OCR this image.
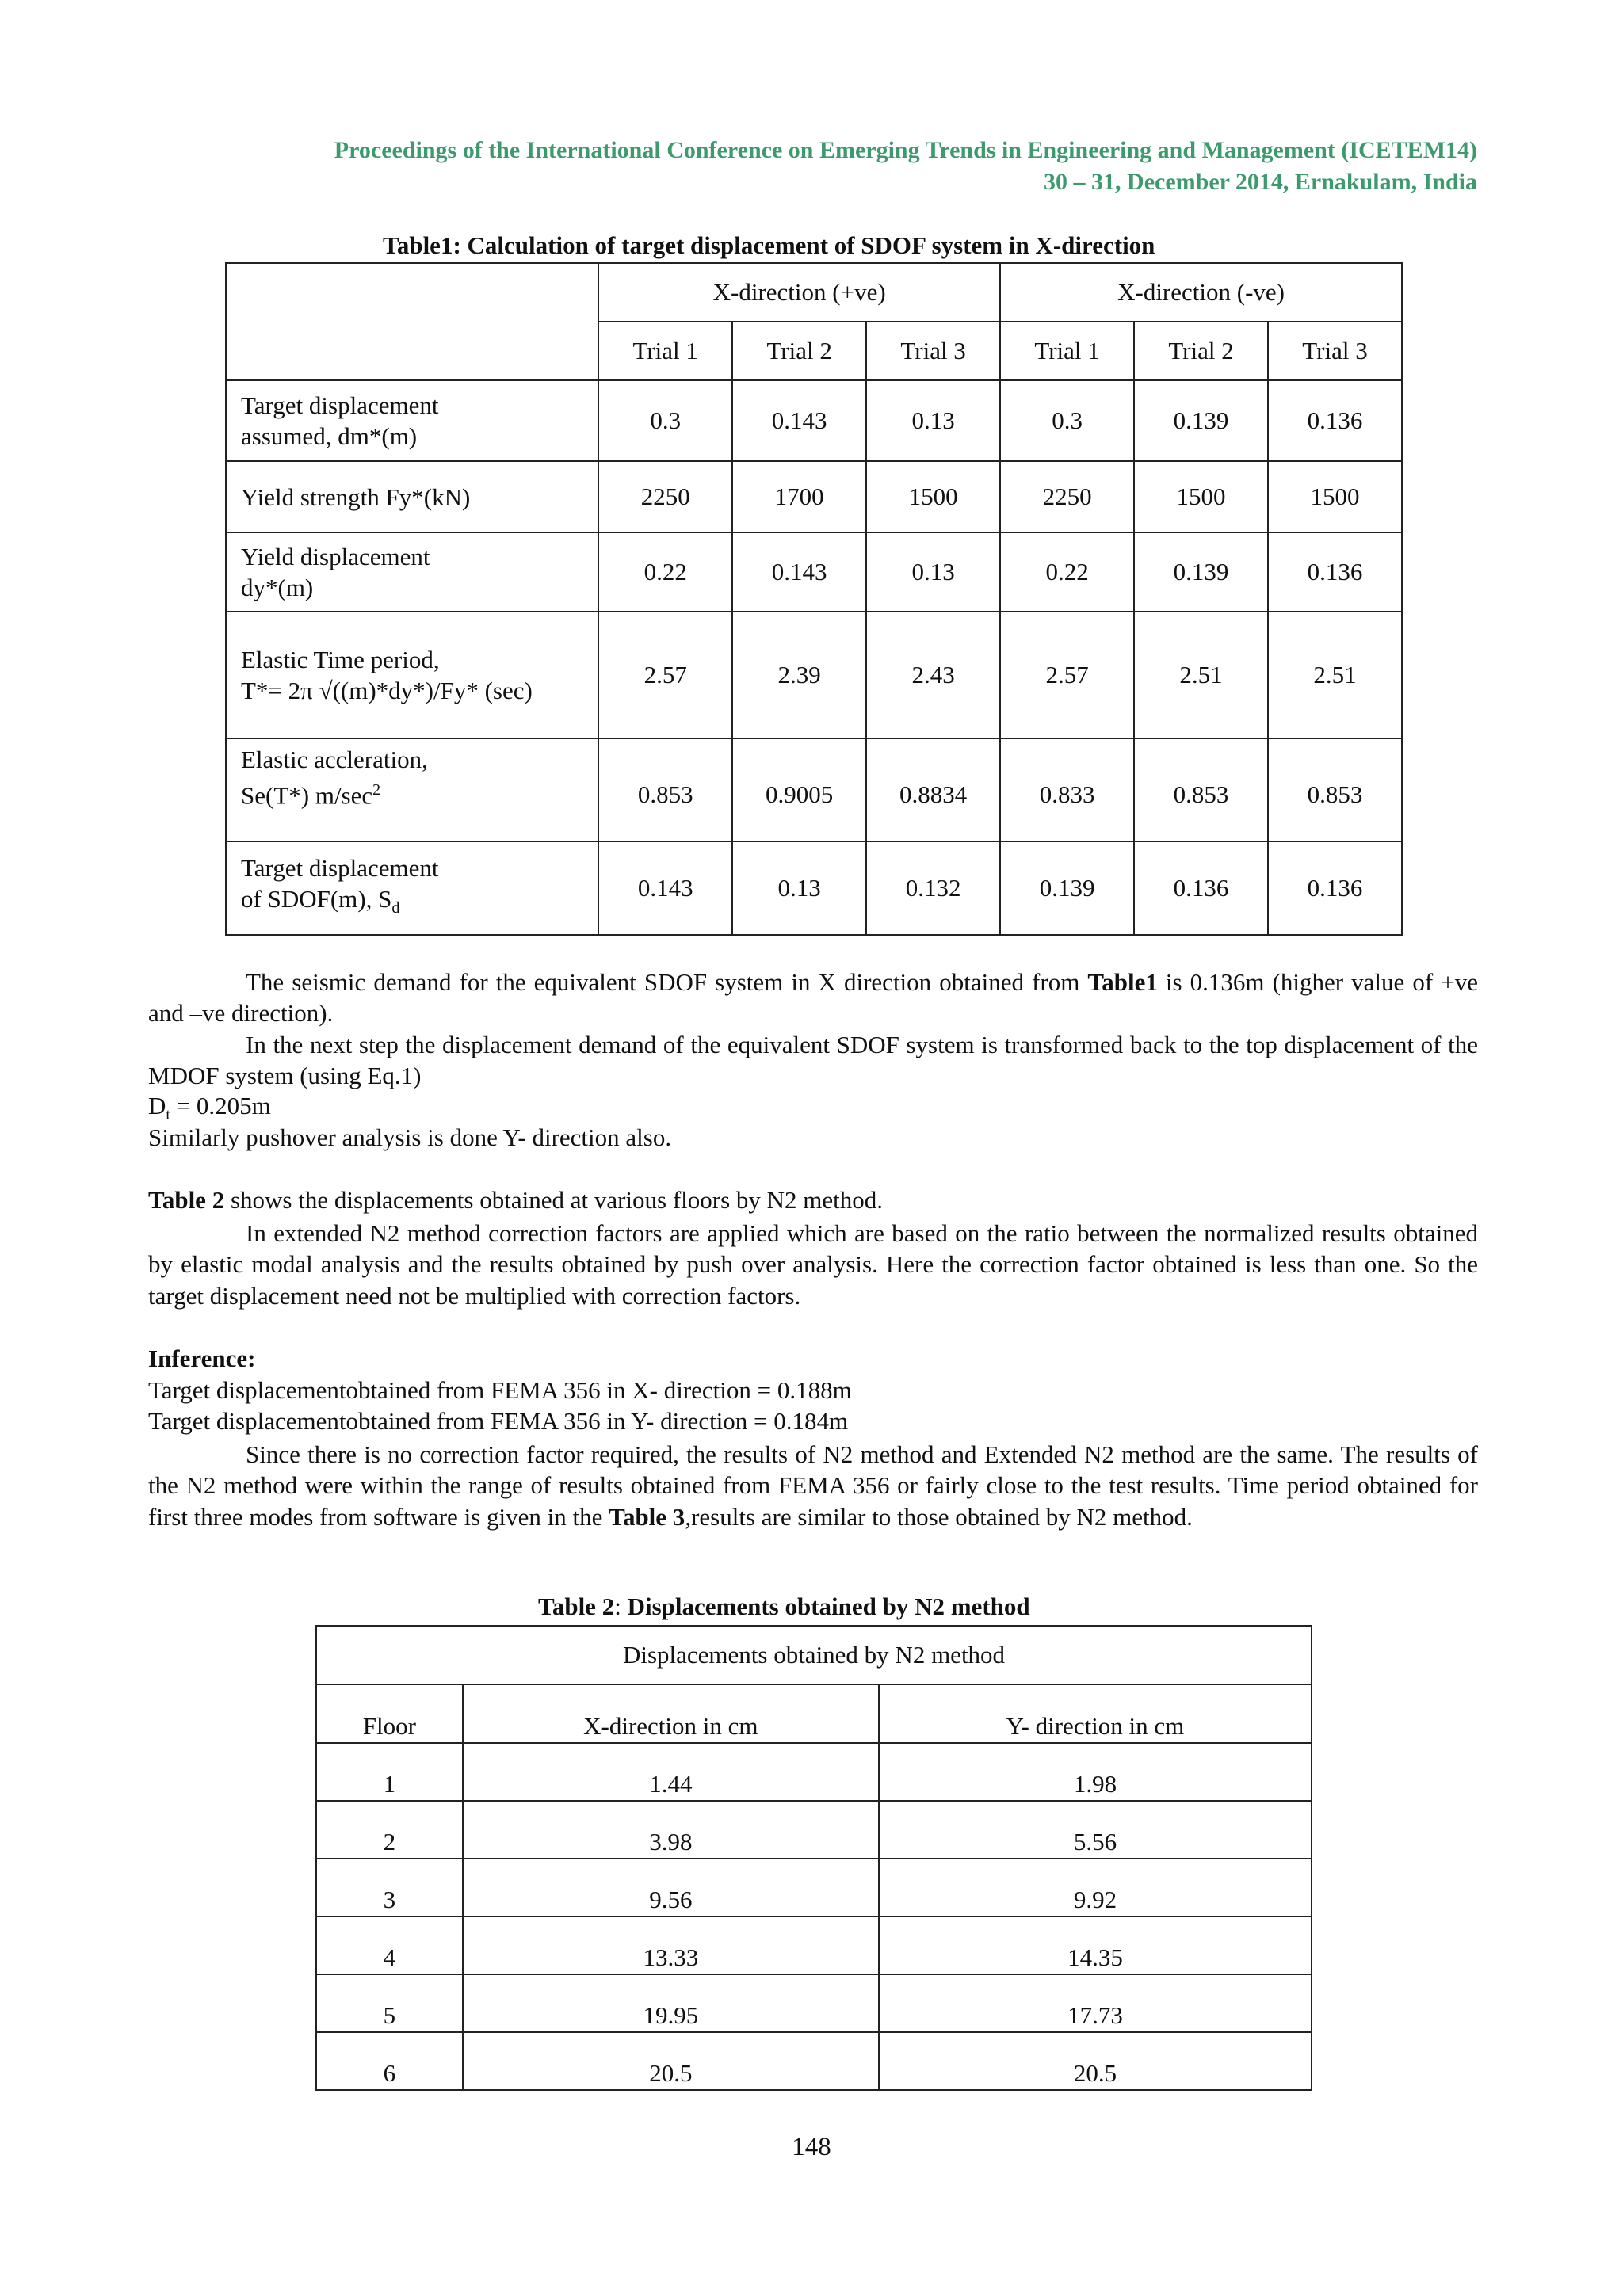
Proceedings of the International Conference on Emerging Trends in Engineering and Management (ICETEM14)
30 – 31, December 2014, Ernakulam, India
Table1: Calculation of target displacement of SDOF system in X-direction
	X-direction (+ve)			X-direction (-ve)		
	Trial 1	Trial 2	Trial 3	Trial 1	Trial 2	Trial 3
Target displacement
assumed, dm*(m)	0.3	0.143	0.13	0.3	0.139	0.136
Yield strength Fy*(kN)	2250	1700	1500	2250	1500	1500
Yield displacement
dy*(m)	0.22	0.143	0.13	0.22	0.139	0.136
Elastic Time period,
T*= 2π √((m)*dy*)/Fy* (sec)	2.57	2.39	2.43	2.57	2.51	2.51
Elastic accleration,
Se(T*) $m/\sec^2$	0.853	0.9005	0.8834	0.833	0.853	0.853
Target displacement
of SDOF(m), $S_d$	0.143	0.13	0.132	0.139	0.136	0.136
The seismic demand for the equivalent SDOF system in X direction obtained from Table1 is 0.136m (higher value of +ve and –ve direction).
In the next step the displacement demand of the equivalent SDOF system is transformed back to the top displacement of the MDOF system (using Eq.1)
$D_t = 0.205m$
Similarly pushover analysis is done Y- direction also.
Table 2 shows the displacements obtained at various floors by N2 method.
In extended N2 method correction factors are applied which are based on the ratio between the normalized results obtained by elastic modal analysis and the results obtained by push over analysis. Here the correction factor obtained is less than one. So the target displacement need not be multiplied with correction factors.
Inference:
Target displacementobtained from FEMA 356 in X- direction = 0.188m
Target displacementobtained from FEMA 356 in Y- direction = 0.184m
Since there is no correction factor required, the results of N2 method and Extended N2 method are the same. The results of the N2 method were within the range of results obtained from FEMA 356 or fairly close to the test results. Time period obtained for first three modes from software is given in the Table 3,results are similar to those obtained by N2 method.
Table 2: Displacements obtained by N2 method
Displacements obtained by N2 method		
Floor	X-direction in cm	Y- direction in cm
1	1.44	1.98
2	3.98	5.56
3	9.56	9.92
4	13.33	14.35
5	19.95	17.73
6	20.5	20.5
148
